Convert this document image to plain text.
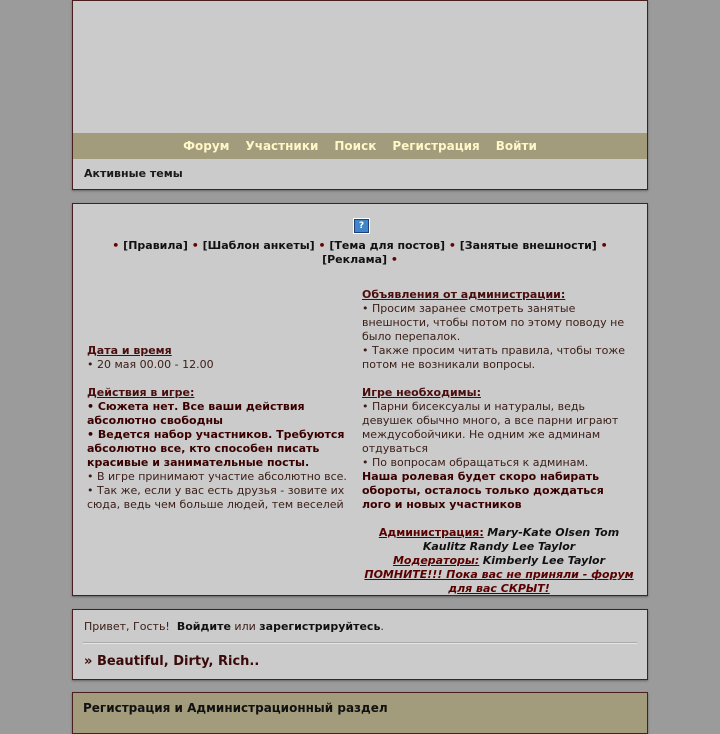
Форум Участники Поиск Регистрация Войти
Активные темы
?
• [Правила] • [Шаблон анкеты] • [Тема для постов] • [Занятые внешности] •
[Реклама] •
Дата и время
• 20 мая 00.00 - 12.00
Действия в игре:
• Сюжета нет. Все ваши действия абсолютно свободны
• Ведется набор участников. Требуются абсолютно все, кто способен писать красивые и занимательные посты.
• В игре принимают участие абсолютно все.
• Так же, если у вас есть друзья - зовите их сюда, ведь чем больше людей, тем веселей
Объявления от администрации:
• Просим заранее смотреть занятые внешности, чтобы потом по этому поводу не было перепалок.
• Также просим читать правила, чтобы тоже потом не возникали вопросы.
Игре необходимы:
• Парни бисексуалы и натуралы, ведь девушек обычно много, а все парни играют междусобойчики. Не одним же админам отдуваться
• По вопросам обращаться к админам.
Наша ролевая будет скоро набирать обороты, осталось только дождаться лого и новых участников
Администрация: Mary-Kate Olsen Tom Kaulitz Randy Lee Taylor
Модераторы: Kimberly Lee Taylor
ПОМНИТЕ!!! Пока вас не приняли - форум для вас СКРЫТ!
Привет, Гость! Войдите или зарегистрируйтесь.
» Beautiful, Dirty, Rich..
Регистрация и Администрационный раздел
